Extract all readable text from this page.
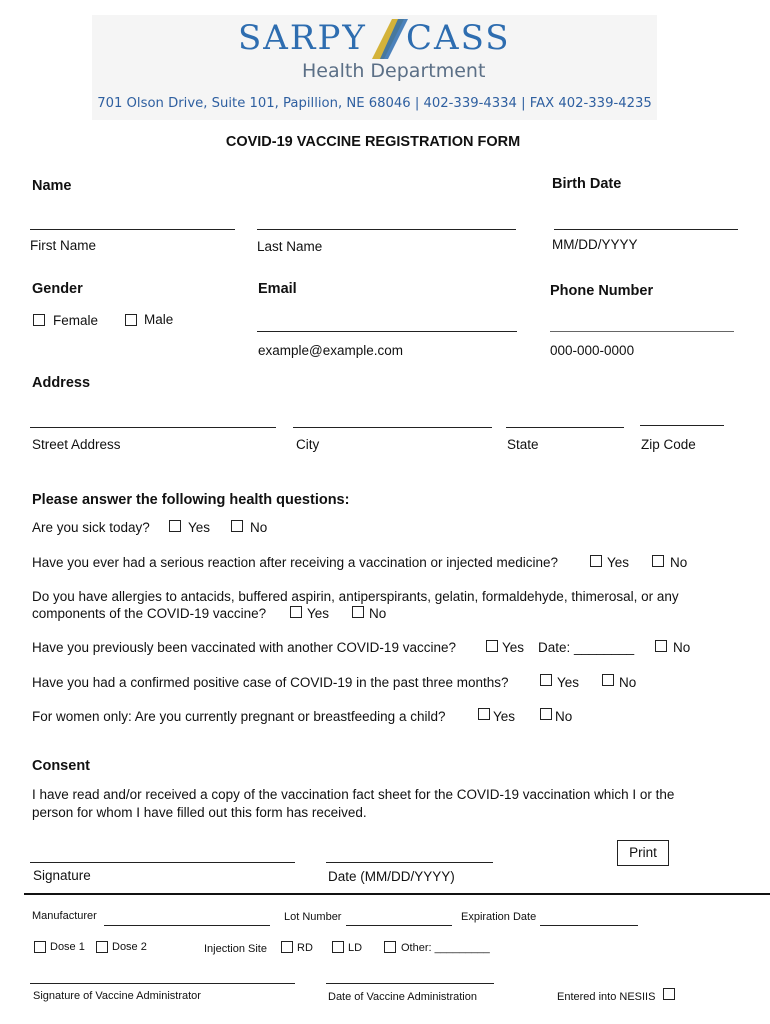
SARPY CASS
Health Department
701 Olson Drive, Suite 101, Papillion, NE 68046 | 402-339-4334 | FAX 402-339-4235
COVID-19 VACCINE REGISTRATION FORM
Name	Birth Date
First Name	Last Name	MM/DD/YYYY
Gender	Email	Phone Number
Female	Male
example@example.com	000-000-0000
Address
Street Address	City	State	Zip Code
Please answer the following health questions:
Are you sick today?	Yes	No
Have you ever had a serious reaction after receiving a vaccination or injected medicine?	Yes	No
Do you have allergies to antacids, buffered aspirin, antiperspirants, gelatin, formaldehyde, thimerosal, or any
components of the COVID-19 vaccine?	Yes	No
Have you previously been vaccinated with another COVID-19 vaccine?	Yes Date: ________	No
Have you had a confirmed positive case of COVID-19 in the past three months?	Yes	No
For women only: Are you currently pregnant or breastfeeding a child?	Yes	No
Consent
I have read and/or received a copy of the vaccination fact sheet for the COVID-19 vaccination which I or the
person for whom I have filled out this form has received.
Print
Signature	Date (MM/DD/YYYY)
Manufacturer	Lot Number	Expiration Date
Dose 1 Dose 2	Injection Site	RD	LD	Other: _________
Signature of Vaccine Administrator	Date of Vaccine Administration	Entered into NESIIS
